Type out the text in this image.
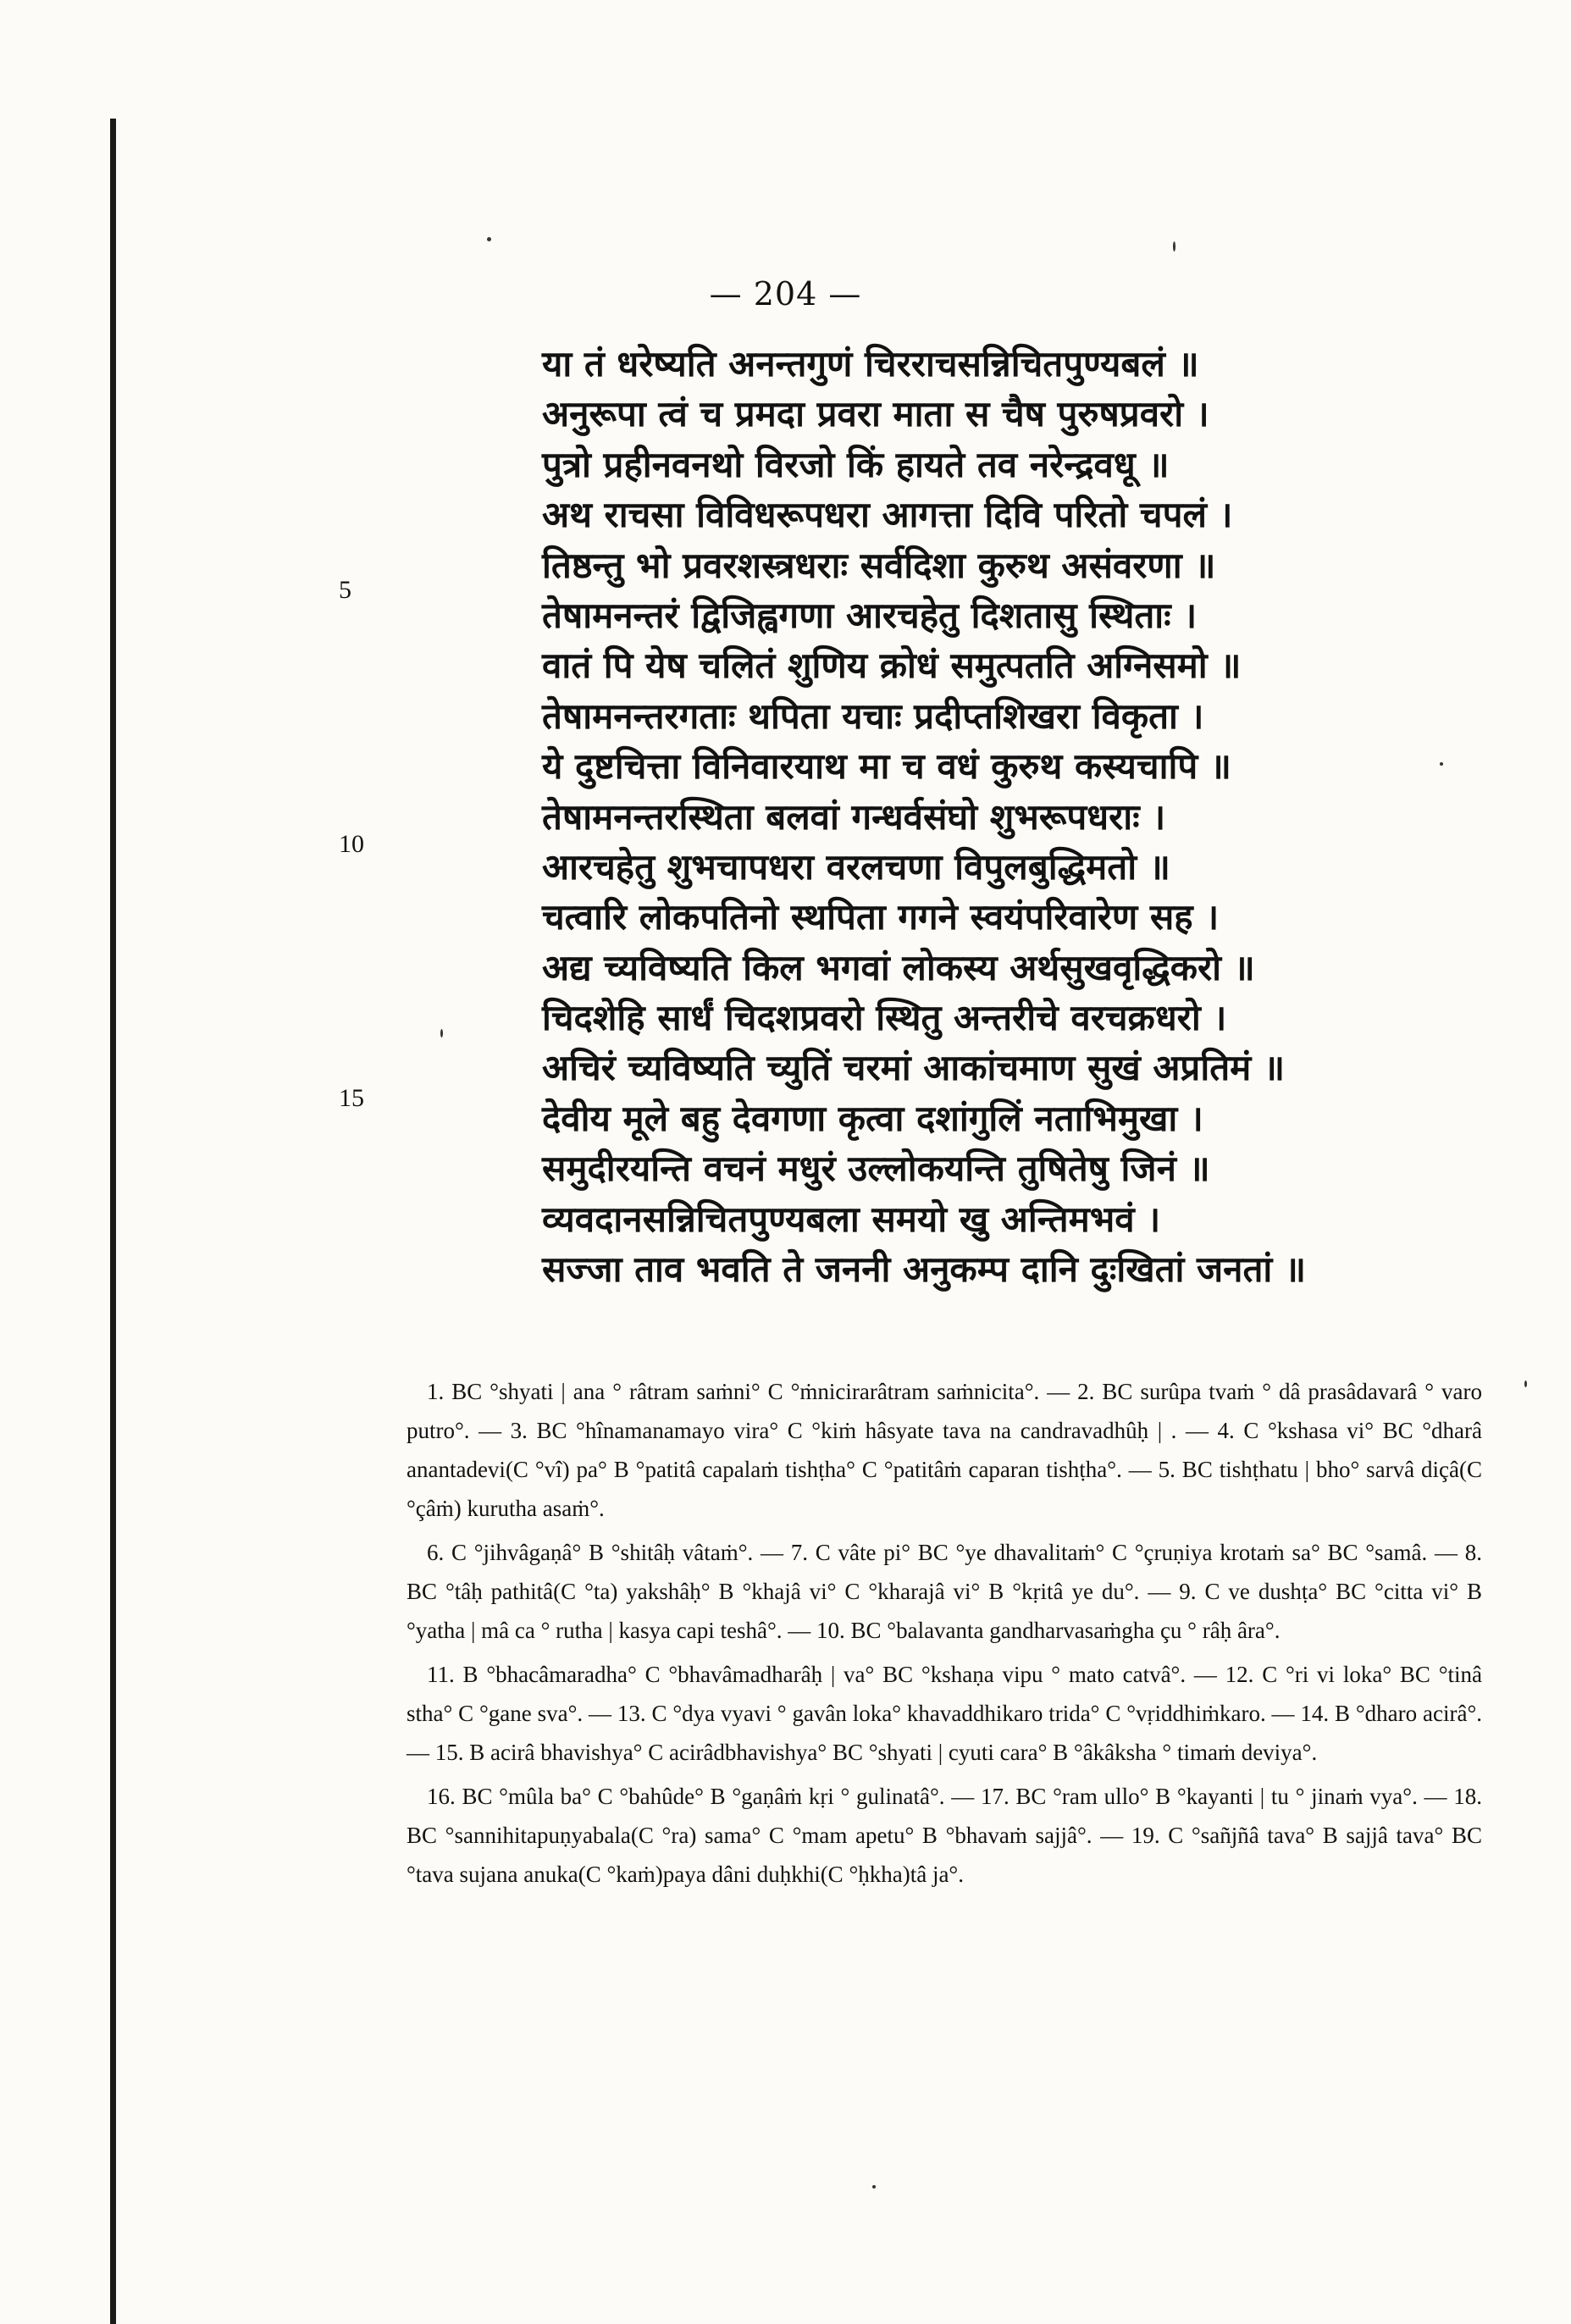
— 204 —
या तं धरेष्यति अनन्तगुणं चिरराचसन्निचितपुण्यबलं ॥
अनुरूपा त्वं च प्रमदा प्रवरा माता स चैष पुरुषप्रवरो ।
पुत्रो प्रहीनवनथो विरजो किं हायते तव नरेन्द्रवधू ॥
अथ राचसा विविधरूपधरा आगत्ता दिवि परितो चपलं ।
तिष्ठन्तु भो प्रवरशस्त्रधराः सर्वदिशा कुरुथ असंवरणा ॥
तेषामनन्तरं द्विजिह्वगणा आरचहेतु दिशतासु स्थिताः ।
वातं पि येष चलितं शुणिय क्रोधं समुत्पतति अग्निसमो ॥
तेषामनन्तरगताः थपिता यचाः प्रदीप्तशिखरा विकृता ।
ये दुष्टचित्ता विनिवारयाथ मा च वधं कुरुथ कस्यचापि ॥
तेषामनन्तरस्थिता बलवां गन्धर्वसंघो शुभरूपधराः ।
आरचहेतु शुभचापधरा वरलचणा विपुलबुद्धिमतो ॥
चत्वारि लोकपतिनो स्थपिता गगने स्वयंपरिवारेण सह ।
अद्य च्यविष्यति किल भगवां लोकस्य अर्थसुखवृद्धिकरो ॥
चिदशेहि सार्धं चिदशप्रवरो स्थितु अन्तरीचे वरचक्रधरो ।
अचिरं च्यविष्यति च्युतिं चरमां आकांचमाण सुखं अप्रतिमं ॥
देवीय मूले बहु देवगणा कृत्वा दशांगुलिं नताभिमुखा ।
समुदीरयन्ति वचनं मधुरं उल्लोकयन्ति तुषितेषु जिनं ॥
व्यवदानसन्निचितपुण्यबला समयो खु अन्तिमभवं ।
सज्जा ताव भवति ते जननी अनुकम्प दानि दुःखितां जनतां ॥
5
10
15

1. BC °shyati | ana ° râtram saṁni° C °ṁnicirarâtram saṁnicita°. — 2. BC surûpa tvaṁ ° dâ prasâdavarâ ° varo putro°. — 3. BC °hînamanamayo vira° C °kiṁ hâsyate tava na candravadhûḥ | . — 4. C °kshasa vi° BC °dharâ anantadevi(C °vî) pa° B °patitâ capalaṁ tishṭha° C °patitâṁ caparan tishṭha°. — 5. BC tishṭhatu | bho° sarvâ diçâ(C °çâṁ) kurutha asaṁ°.

6. C °jihvâgaṇâ° B °shitâḥ vâtaṁ°. — 7. C vâte pi° BC °ye dhavalitaṁ° C °çruṇiya krotaṁ sa° BC °samâ. — 8. BC °tâḥ pathitâ(C °ta) yakshâḥ° B °khajâ vi° C °kharajâ vi° B °kṛitâ ye du°. — 9. C ve dushṭa° BC °citta vi° B °yatha | mâ ca ° rutha | kasya capi teshâ°. — 10. BC °balavanta gandharvasaṁgha çu ° râḥ âra°.

11. B °bhacâmaradha° C °bhavâmadharâḥ | va° BC °kshaṇa vipu ° mato catvâ°. — 12. C °ri vi loka° BC °tinâ stha° C °gane sva°. — 13. C °dya vyavi ° gavân loka° khavaddhikaro trida° C °vṛiddhiṁkaro. — 14. B °dharo acirâ°. — 15. B acirâ bhavishya° C acirâdbhavishya° BC °shyati | cyuti cara° B °âkâksha ° timaṁ deviya°.

16. BC °mûla ba° C °bahûde° B °gaṇâṁ kṛi ° gulinatâ°. — 17. BC °ram ullo° B °kayanti | tu ° jinaṁ vya°. — 18. BC °sannihitapuṇyabala(C °ra) sama° C °mam apetu° B °bhavaṁ sajjâ°. — 19. C °sañjñâ tava° B sajjâ tava° BC °tava sujana anuka(C °kaṁ)paya dâni duḥkhi(C °ḥkha)tâ ja°.
